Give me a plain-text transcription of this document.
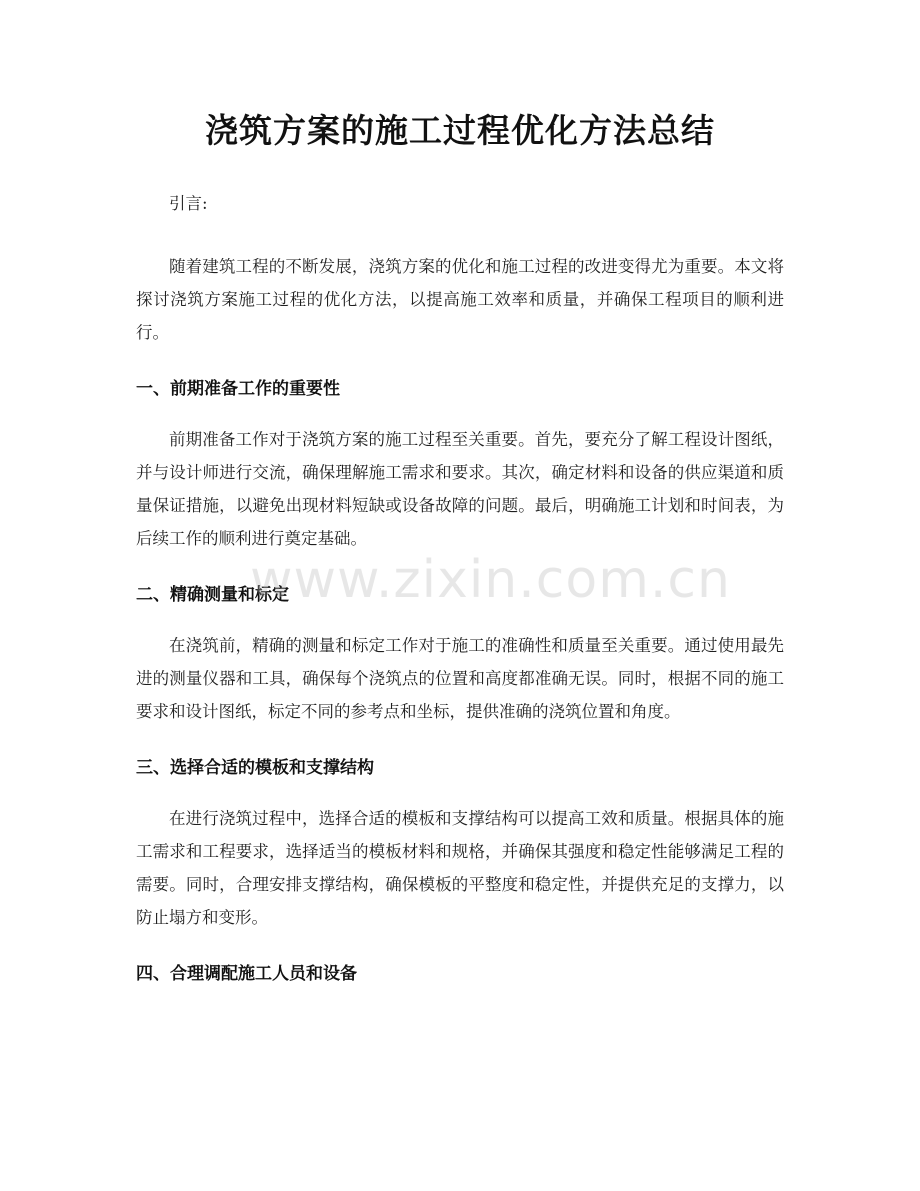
浇筑方案的施工过程优化方法总结

引言:

随着建筑工程的不断发展，浇筑方案的优化和施工过程的改进变得尤为重要。本文将探讨浇筑方案施工过程的优化方法，以提高施工效率和质量，并确保工程项目的顺利进行。

一、前期准备工作的重要性

前期准备工作对于浇筑方案的施工过程至关重要。首先，要充分了解工程设计图纸，并与设计师进行交流，确保理解施工需求和要求。其次，确定材料和设备的供应渠道和质量保证措施，以避免出现材料短缺或设备故障的问题。最后，明确施工计划和时间表，为后续工作的顺利进行奠定基础。

二、精确测量和标定

在浇筑前，精确的测量和标定工作对于施工的准确性和质量至关重要。通过使用最先进的测量仪器和工具，确保每个浇筑点的位置和高度都准确无误。同时，根据不同的施工要求和设计图纸，标定不同的参考点和坐标，提供准确的浇筑位置和角度。

三、选择合适的模板和支撑结构

在进行浇筑过程中，选择合适的模板和支撑结构可以提高工效和质量。根据具体的施工需求和工程要求，选择适当的模板材料和规格，并确保其强度和稳定性能够满足工程的需要。同时，合理安排支撑结构，确保模板的平整度和稳定性，并提供充足的支撑力，以防止塌方和变形。

四、合理调配施工人员和设备
www.zixin.com.cn
